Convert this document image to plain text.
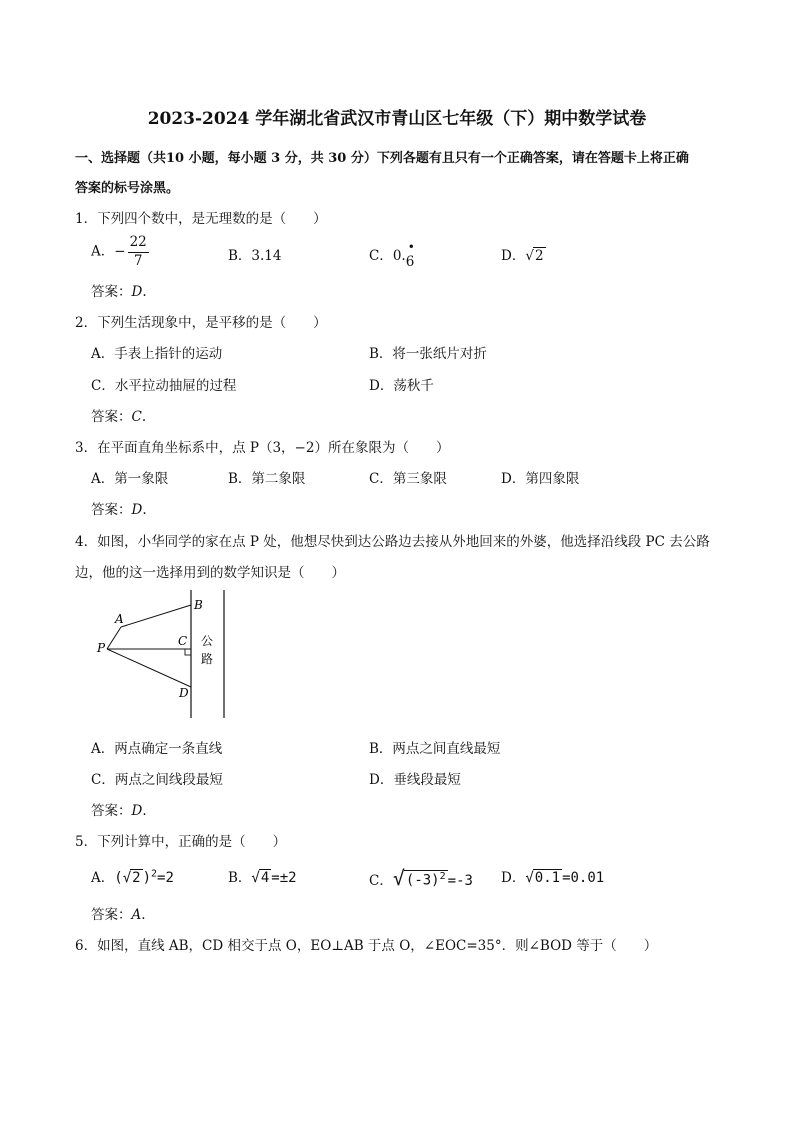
2023-2024 学年湖北省武汉市青山区七年级（下）期中数学试卷
一、选择题（共10 小题，每小题 3 分，共 30 分）下列各题有且只有一个正确答案，请在答题卡上将正确
答案的标号涂黑。
1．下列四个数中，是无理数的是（　　）
A．− $\frac{22}{7}$	B．3.14	C．0.
•
6	D．√2
答案：D.
2．下列生活现象中，是平移的是（　　）
A．手表上指针的运动	B．将一张纸片对折
C．水平拉动抽屉的过程	D．荡秋千
答案：C.
3．在平面直角坐标系中，点 P（3，−2）所在象限为（　　）
A．第一象限	B．第二象限	C．第三象限	D．第四象限
答案：D.
4．如图，小华同学的家在点 P 处，他想尽快到达公路边去接从外地回来的外婆，他选择沿线段 PC 去公路
边，他的这一选择用到的数学知识是（　　）
A
B
C
D
P	公
路
A．两点确定一条直线	B．两点之间直线最短
C．两点之间线段最短	D．垂线段最短
答案：D.
5．下列计算中，正确的是（　　）
A．(√2 )$^2$=2	B．√4 =±2	C．$√(-3)^2 =-3$ D．√0.1 =0.01
答案：A.
6．如图，直线 AB，CD 相交于点 O，EO⊥AB 于点 O，∠EOC=35°．则∠BOD 等于（　　）
